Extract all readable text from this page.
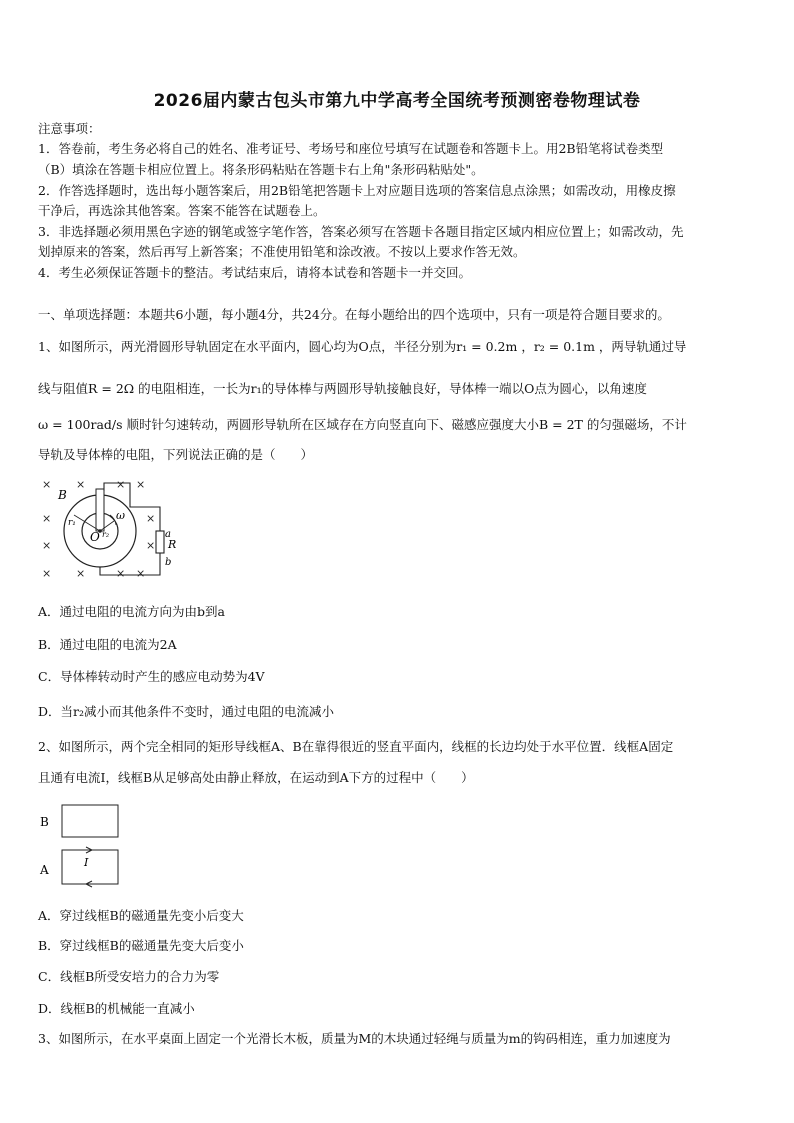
2026届内蒙古包头市第九中学高考全国统考预测密卷物理试卷
注意事项：
1．答卷前，考生务必将自己的姓名、准考证号、考场号和座位号填写在试题卷和答题卡上。用2B铅笔将试卷类型
（B）填涂在答题卡相应位置上。将条形码粘贴在答题卡右上角"条形码粘贴处"。
2．作答选择题时，选出每小题答案后，用2B铅笔把答题卡上对应题目选项的答案信息点涂黑；如需改动，用橡皮擦
干净后，再选涂其他答案。答案不能答在试题卷上。
3．非选择题必须用黑色字迹的钢笔或签字笔作答，答案必须写在答题卡各题目指定区域内相应位置上；如需改动，先
划掉原来的答案，然后再写上新答案；不准使用铅笔和涂改液。不按以上要求作答无效。
4．考生必须保证答题卡的整洁。考试结束后，请将本试卷和答题卡一并交回。
一、单项选择题：本题共6小题，每小题4分，共24分。在每小题给出的四个选项中，只有一项是符合题目要求的。
1、如图所示，两光滑圆形导轨固定在水平面内，圆心均为O点，半径分别为r₁ = 0.2m ，r₂ = 0.1m ，两导轨通过导
线与阻值R = 2Ω 的电阻相连，一长为r₁的导体棒与两圆形导轨接触良好，导体棒一端以O点为圆心，以角速度
ω = 100rad/s 顺时针匀速转动，两圆形导轨所在区域存在方向竖直向下、磁感应强度大小B = 2T 的匀强磁场，不计
导轨及导体棒的电阻，下列说法正确的是（　　）
×
×
×
×
×
×
×
×
×
×
×
×
B
r₁
r₂
O
ω
a
R
b
A．通过电阻的电流方向为由b到a
B．通过电阻的电流为2A
C．导体棒转动时产生的感应电动势为4V
D．当r₂减小而其他条件不变时，通过电阻的电流减小
2、如图所示，两个完全相同的矩形导线框A、B在靠得很近的竖直平面内，线框的长边均处于水平位置．线框A固定
且通有电流I，线框B从足够高处由静止释放，在运动到A下方的过程中（　　）
B
A
I
A．穿过线框B的磁通量先变小后变大
B．穿过线框B的磁通量先变大后变小
C．线框B所受安培力的合力为零
D．线框B的机械能一直减小
3、如图所示，在水平桌面上固定一个光滑长木板，质量为M的木块通过轻绳与质量为m的钩码相连，重力加速度为
